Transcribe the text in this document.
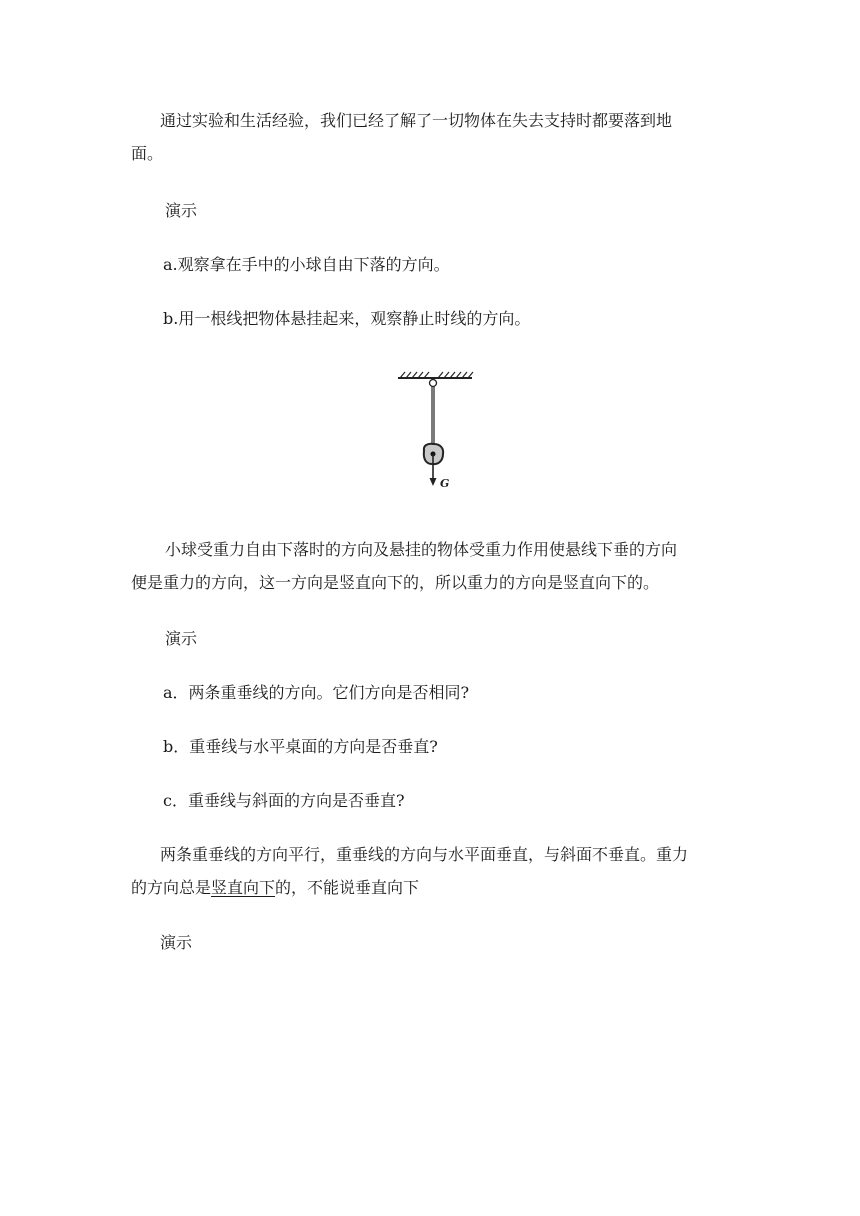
通过实验和生活经验，我们已经了解了一切物体在失去支持时都要落到地

面。

演示

a.观察拿在手中的小球自由下落的方向。

b.用一根线把物体悬挂起来，观察静止时线的方向。

G

小球受重力自由下落时的方向及悬挂的物体受重力作用使悬线下垂的方向

便是重力的方向，这一方向是竖直向下的，所以重力的方向是竖直向下的。

演示

a．两条重垂线的方向。它们方向是否相同?

b．重垂线与水平桌面的方向是否垂直?

c．重垂线与斜面的方向是否垂直?

两条重垂线的方向平行，重垂线的方向与水平面垂直，与斜面不垂直。重力

的方向总是竖直向下的，不能说垂直向下

演示
